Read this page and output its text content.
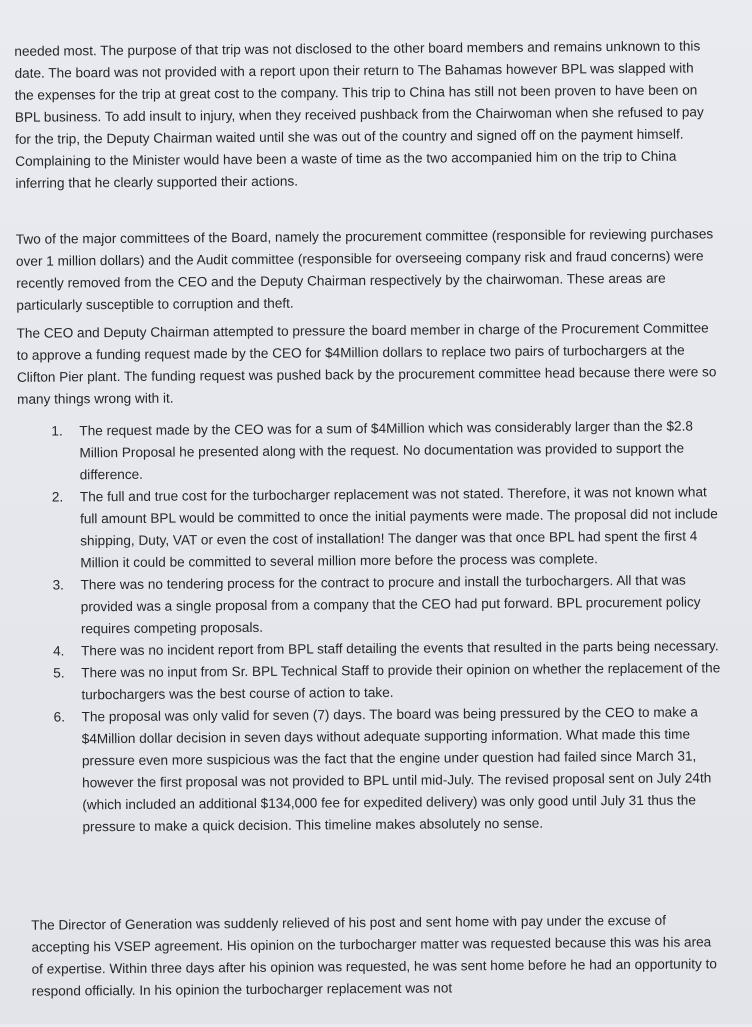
needed most. The purpose of that trip was not disclosed to the other board members and remains unknown to this date. The board was not provided with a report upon their return to The Bahamas however BPL was slapped with the expenses for the trip at great cost to the company. This trip to China has still not been proven to have been on BPL business. To add insult to injury, when they received pushback from the Chairwoman when she refused to pay for the trip, the Deputy Chairman waited until she was out of the country and signed off on the payment himself. Complaining to the Minister would have been a waste of time as the two accompanied him on the trip to China inferring that he clearly supported their actions.

Two of the major committees of the Board, namely the procurement committee (responsible for reviewing purchases over 1 million dollars) and the Audit committee (responsible for overseeing company risk and fraud concerns) were recently removed from the CEO and the Deputy Chairman respectively by the chairwoman. These areas are particularly susceptible to corruption and theft.

The CEO and Deputy Chairman attempted to pressure the board member in charge of the Procurement Committee to approve a funding request made by the CEO for $4Million dollars to replace two pairs of turbochargers at the Clifton Pier plant. The funding request was pushed back by the procurement committee head because there were so many things wrong with it.

1.	The request made by the CEO was for a sum of $4Million which was considerably larger than the $2.8 Million Proposal he presented along with the request. No documentation was provided to support the difference.
2.	The full and true cost for the turbocharger replacement was not stated. Therefore, it was not known what full amount BPL would be committed to once the initial payments were made. The proposal did not include shipping, Duty, VAT or even the cost of installation! The danger was that once BPL had spent the first 4 Million it could be committed to several million more before the process was complete.
3.	There was no tendering process for the contract to procure and install the turbochargers. All that was provided was a single proposal from a company that the CEO had put forward. BPL procurement policy requires competing proposals.
4.	There was no incident report from BPL staff detailing the events that resulted in the parts being necessary.
5.	There was no input from Sr. BPL Technical Staff to provide their opinion on whether the replacement of the turbochargers was the best course of action to take.
6.	The proposal was only valid for seven (7) days. The board was being pressured by the CEO to make a $4Million dollar decision in seven days without adequate supporting information. What made this time pressure even more suspicious was the fact that the engine under question had failed since March 31, however the first proposal was not provided to BPL until mid-July. The revised proposal sent on July 24th (which included an additional $134,000 fee for expedited delivery) was only good until July 31 thus the pressure to make a quick decision. This timeline makes absolutely no sense.

The Director of Generation was suddenly relieved of his post and sent home with pay under the excuse of accepting his VSEP agreement. His opinion on the turbocharger matter was requested because this was his area of expertise. Within three days after his opinion was requested, he was sent home before he had an opportunity to respond officially. In his opinion the turbocharger replacement was not
